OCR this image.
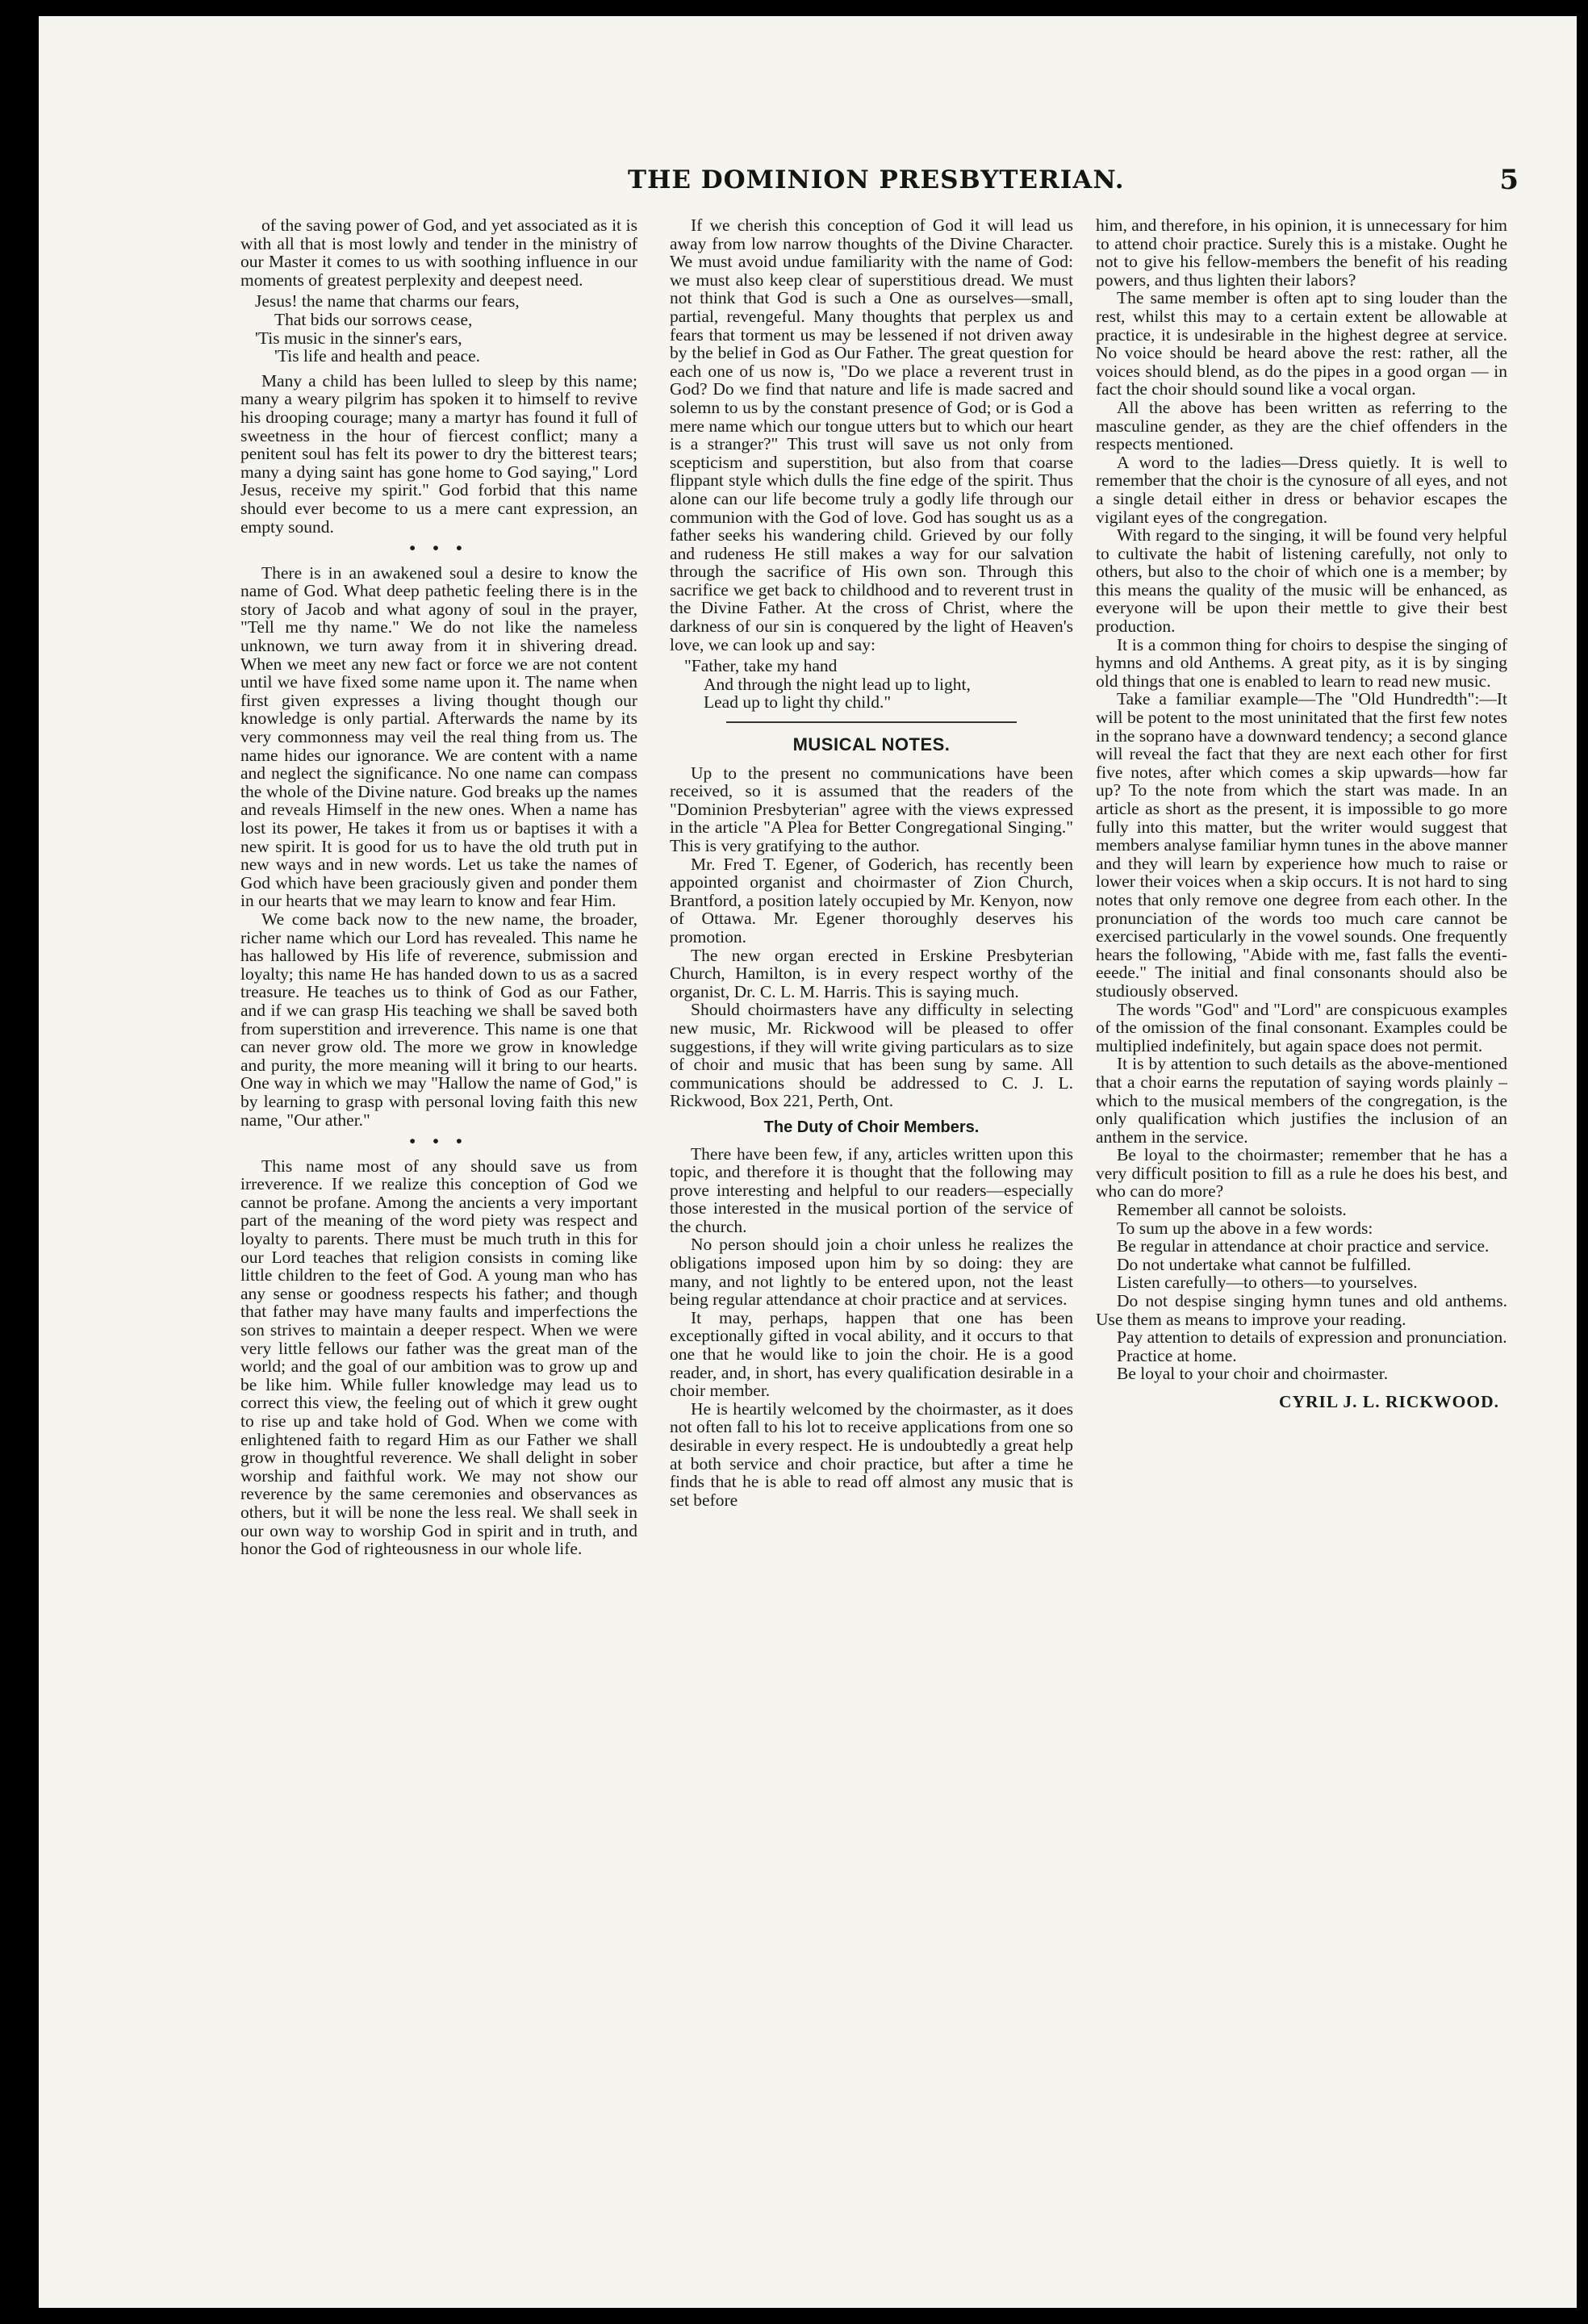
THE DOMINION PRESBYTERIAN.	5

of the saving power of God, and yet associated as it is with all that is most lowly and tender in the ministry of our Master it comes to us with soothing influence in our moments of greatest perplexity and deepest need.

Jesus! the name that charms our fears,
That bids our sorrows cease,
'Tis music in the sinner's ears,
'Tis life and health and peace.

Many a child has been lulled to sleep by this name; many a weary pilgrim has spoken it to himself to revive his drooping courage; many a martyr has found it full of sweetness in the hour of fiercest conflict; many a penitent soul has felt its power to dry the bitterest tears; many a dying saint has gone home to God saying," Lord Jesus, receive my spirit." God forbid that this name should ever become to us a mere cant expression, an empty sound.

• • •

There is in an awakened soul a desire to know the name of God. What deep pathetic feeling there is in the story of Jacob and what agony of soul in the prayer, "Tell me thy name." We do not like the nameless unknown, we turn away from it in shivering dread. When we meet any new fact or force we are not content until we have fixed some name upon it. The name when first given expresses a living thought though our knowledge is only partial. Afterwards the name by its very commonness may veil the real thing from us. The name hides our ignorance. We are content with a name and neglect the significance. No one name can compass the whole of the Divine nature. God breaks up the names and reveals Himself in the new ones. When a name has lost its power, He takes it from us or baptises it with a new spirit. It is good for us to have the old truth put in new ways and in new words. Let us take the names of God which have been graciously given and ponder them in our hearts that we may learn to know and fear Him.

We come back now to the new name, the broader, richer name which our Lord has revealed. This name he has hallowed by His life of reverence, submission and loyalty; this name He has handed down to us as a sacred treasure. He teaches us to think of God as our Father, and if we can grasp His teaching we shall be saved both from superstition and irreverence. This name is one that can never grow old. The more we grow in knowledge and purity, the more meaning will it bring to our hearts. One way in which we may "Hallow the name of God," is by learning to grasp with personal loving faith this new name, "Our ather."

• • •

This name most of any should save us from irreverence. If we realize this conception of God we cannot be profane. Among the ancients a very important part of the meaning of the word piety was respect and loyalty to parents. There must be much truth in this for our Lord teaches that religion consists in coming like little children to the feet of God. A young man who has any sense or goodness respects his father; and though that father may have many faults and imperfections the son strives to maintain a deeper respect. When we were very little fellows our father was the great man of the world; and the goal of our ambition was to grow up and be like him. While fuller knowledge may lead us to correct this view, the feeling out of which it grew ought to rise up and take hold of God. When we come with enlightened faith to regard Him as our Father we shall grow in thoughtful reverence. We shall delight in sober worship and faithful work. We may not show our reverence by the same ceremonies and observances as others, but it will be none the less real. We shall seek in our own way to worship God in spirit and in truth, and honor the God of righteousness in our whole life.

If we cherish this conception of God it will lead us away from low narrow thoughts of the Divine Character. We must avoid undue familiarity with the name of God: we must also keep clear of superstitious dread. We must not think that God is such a One as ourselves—small, partial, revengeful. Many thoughts that perplex us and fears that torment us may be lessened if not driven away by the belief in God as Our Father. The great question for each one of us now is, "Do we place a reverent trust in God? Do we find that nature and life is made sacred and solemn to us by the constant presence of God; or is God a mere name which our tongue utters but to which our heart is a stranger?" This trust will save us not only from scepticism and superstition, but also from that coarse flippant style which dulls the fine edge of the spirit. Thus alone can our life become truly a godly life through our communion with the God of love. God has sought us as a father seeks his wandering child. Grieved by our folly and rudeness He still makes a way for our salvation through the sacrifice of His own son. Through this sacrifice we get back to childhood and to reverent trust in the Divine Father. At the cross of Christ, where the darkness of our sin is conquered by the light of Heaven's love, we can look up and say:

"Father, take my hand
And through the night lead up to light,
Lead up to light thy child."
MUSICAL NOTES.

Up to the present no communications have been received, so it is assumed that the readers of the "Dominion Presbyterian" agree with the views expressed in the article "A Plea for Better Congregational Singing." This is very gratifying to the author.

Mr. Fred T. Egener, of Goderich, has recently been appointed organist and choirmaster of Zion Church, Brantford, a position lately occupied by Mr. Kenyon, now of Ottawa. Mr. Egener thoroughly deserves his promotion.

The new organ erected in Erskine Presbyterian Church, Hamilton, is in every respect worthy of the organist, Dr. C. L. M. Harris. This is saying much.

Should choirmasters have any difficulty in selecting new music, Mr. Rickwood will be pleased to offer suggestions, if they will write giving particulars as to size of choir and music that has been sung by same. All communications should be addressed to C. J. L. Rickwood, Box 221, Perth, Ont.

The Duty of Choir Members.

There have been few, if any, articles written upon this topic, and therefore it is thought that the following may prove interesting and helpful to our readers—especially those interested in the musical portion of the service of the church.

No person should join a choir unless he realizes the obligations imposed upon him by so doing: they are many, and not lightly to be entered upon, not the least being regular attendance at choir practice and at services.

It may, perhaps, happen that one has been exceptionally gifted in vocal ability, and it occurs to that one that he would like to join the choir. He is a good reader, and, in short, has every qualification desirable in a choir member.

He is heartily welcomed by the choirmaster, as it does not often fall to his lot to receive applications from one so desirable in every respect. He is undoubtedly a great help at both service and choir practice, but after a time he finds that he is able to read off almost any music that is set before

him, and therefore, in his opinion, it is unnecessary for him to attend choir practice. Surely this is a mistake. Ought he not to give his fellow-members the benefit of his reading powers, and thus lighten their labors?

The same member is often apt to sing louder than the rest, whilst this may to a certain extent be allowable at practice, it is undesirable in the highest degree at service. No voice should be heard above the rest: rather, all the voices should blend, as do the pipes in a good organ — in fact the choir should sound like a vocal organ.

All the above has been written as referring to the masculine gender, as they are the chief offenders in the respects mentioned.

A word to the ladies—Dress quietly. It is well to remember that the choir is the cynosure of all eyes, and not a single detail either in dress or behavior escapes the vigilant eyes of the congregation.

With regard to the singing, it will be found very helpful to cultivate the habit of listening carefully, not only to others, but also to the choir of which one is a member; by this means the quality of the music will be enhanced, as everyone will be upon their mettle to give their best production.

It is a common thing for choirs to despise the singing of hymns and old Anthems. A great pity, as it is by singing old things that one is enabled to learn to read new music.

Take a familiar example—The "Old Hundredth":—It will be potent to the most uninitated that the first few notes in the soprano have a downward tendency; a second glance will reveal the fact that they are next each other for first five notes, after which comes a skip upwards—how far up? To the note from which the start was made. In an article as short as the present, it is impossible to go more fully into this matter, but the writer would suggest that members analyse familiar hymn tunes in the above manner and they will learn by experience how much to raise or lower their voices when a skip occurs. It is not hard to sing notes that only remove one degree from each other. In the pronunciation of the words too much care cannot be exercised particularly in the vowel sounds. One frequently hears the following, "Abide with me, fast falls the eventi-eeede." The initial and final consonants should also be studiously observed.

The words "God" and "Lord" are conspicuous examples of the omission of the final consonant. Examples could be multiplied indefinitely, but again space does not permit.

It is by attention to such details as the above-mentioned that a choir earns the reputation of saying words plainly – which to the musical members of the congregation, is the only qualification which justifies the inclusion of an anthem in the service.

Be loyal to the choirmaster; remember that he has a very difficult position to fill as a rule he does his best, and who can do more?

Remember all cannot be soloists.

To sum up the above in a few words:

Be regular in attendance at choir practice and service.

Do not undertake what cannot be fulfilled.

Listen carefully—to others—to yourselves.

Do not despise singing hymn tunes and old anthems. Use them as means to improve your reading.

Pay attention to details of expression and pronunciation.

Practice at home.

Be loyal to your choir and choirmaster.

CYRIL J. L. RICKWOOD.
